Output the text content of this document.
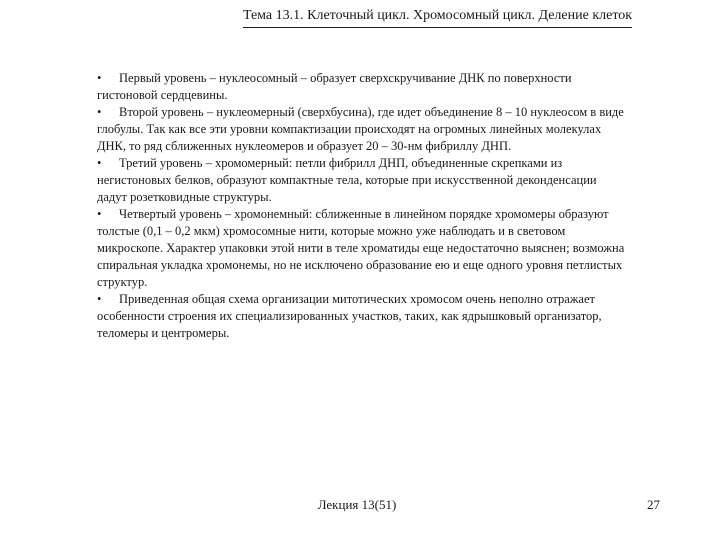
Тема 13.1. Клеточный цикл. Хромосомный цикл. Деление клеток

• Первый уровень – нуклеосомный – образует сверхскручивание ДНК по поверхности гистоновой сердцевины.

• Второй уровень – нуклеомерный (сверхбусина), где идет объединение 8 – 10 нуклеосом в виде глобулы. Так как все эти уровни компактизации происходят на огромных линейных молекулах ДНК, то ряд сближенных нуклеомеров и образует 20 – 30-нм фибриллу ДНП.

• Третий уровень – хромомерный: петли фибрилл ДНП, объединенные скрепками из негистоновых белков, образуют компактные тела, которые при искусственной деконденсации дадут розетковидные структуры.

• Четвертый уровень – хромонемный: сближенные в линейном порядке хромомеры образуют толстые (0,1 – 0,2 мкм) хромосомные нити, которые можно уже наблюдать и в световом микроскопе. Характер упаковки этой нити в теле хроматиды еще недостаточно выяснен; возможна спиральная укладка хромонемы, но не исключено образование ею и еще одного уровня петлистых структур.

• Приведенная общая схема организации митотических хромосом очень неполно отражает особенности строения их специализированных участков, таких, как ядрышковый организатор, теломеры и центромеры.

Лекция 13(51)	27
